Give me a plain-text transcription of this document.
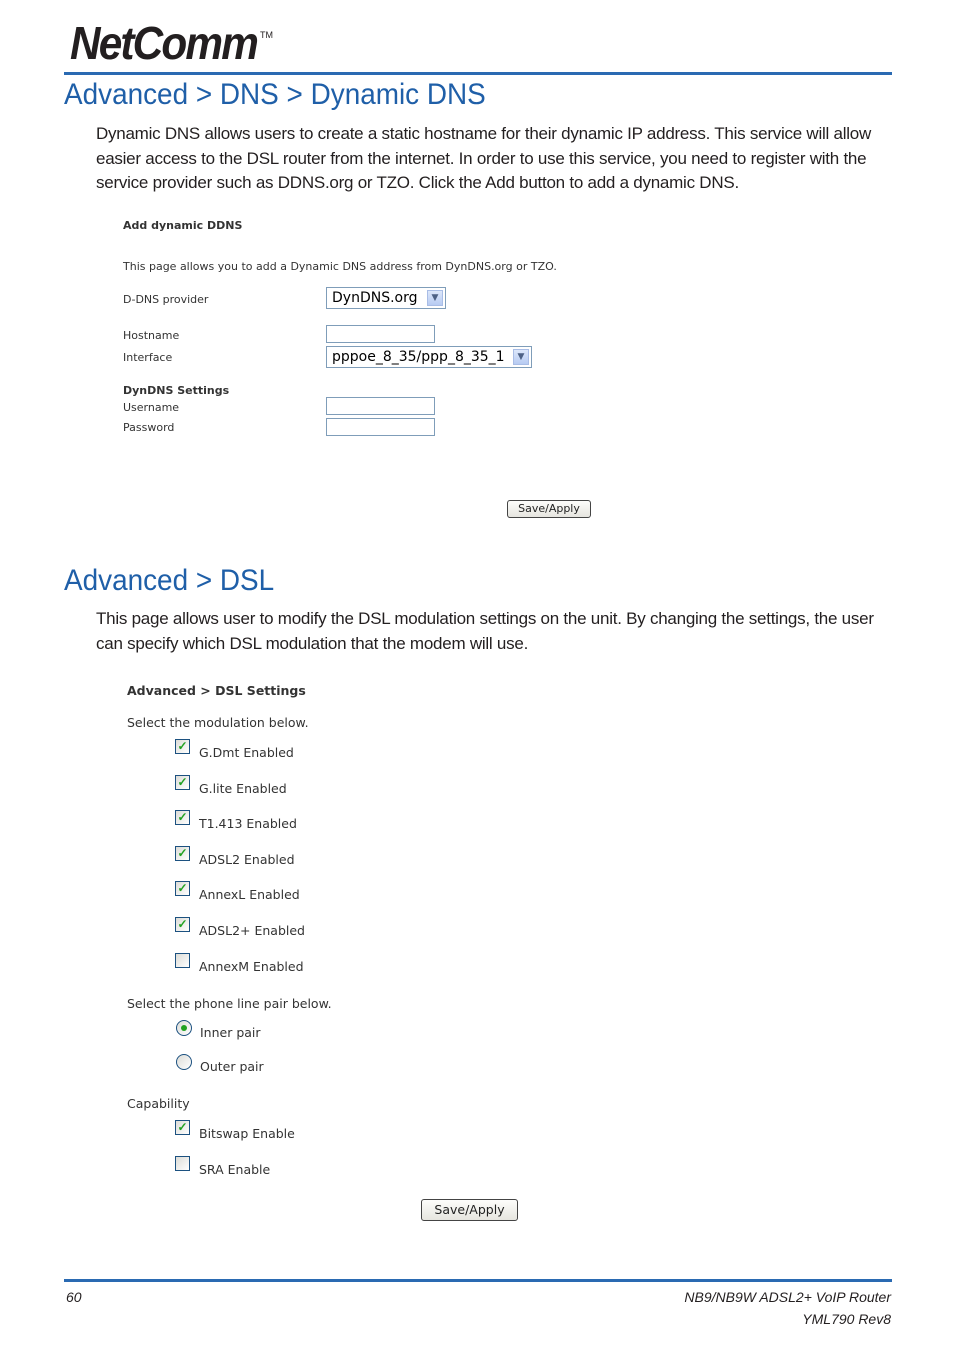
NetComm TM
Advanced > DNS > Dynamic DNS
Dynamic DNS allows users to create a static hostname for their dynamic IP address. This service will allow easier access to the DSL router from the internet. In order to use this service, you need to register with the service provider such as DDNS.org or TZO. Click the Add button to add a dynamic DNS.
Add dynamic DDNS
This page allows you to add a Dynamic DNS address from DynDNS.org or TZO.
D-DNS provider	DynDNS.org	▼
Hostname
Interface	pppoe_8_35/ppp_8_35_1	▼
DynDNS Settings
Username
Password
Save/Apply
Advanced > DSL
This page allows user to modify the DSL modulation settings on the unit. By changing the settings, the user can specify which DSL modulation that the modem will use.
Advanced > DSL Settings
Select the modulation below.
✓ G.Dmt Enabled
✓ G.lite Enabled
✓ T1.413 Enabled
✓ ADSL2 Enabled
✓ AnnexL Enabled
✓ ADSL2+ Enabled
AnnexM Enabled
Select the phone line pair below.
Inner pair
Outer pair
Capability
✓ Bitswap Enable
SRA Enable
Save/Apply
60	NB9/NB9W ADSL2+ VoIP Router
YML790 Rev8
